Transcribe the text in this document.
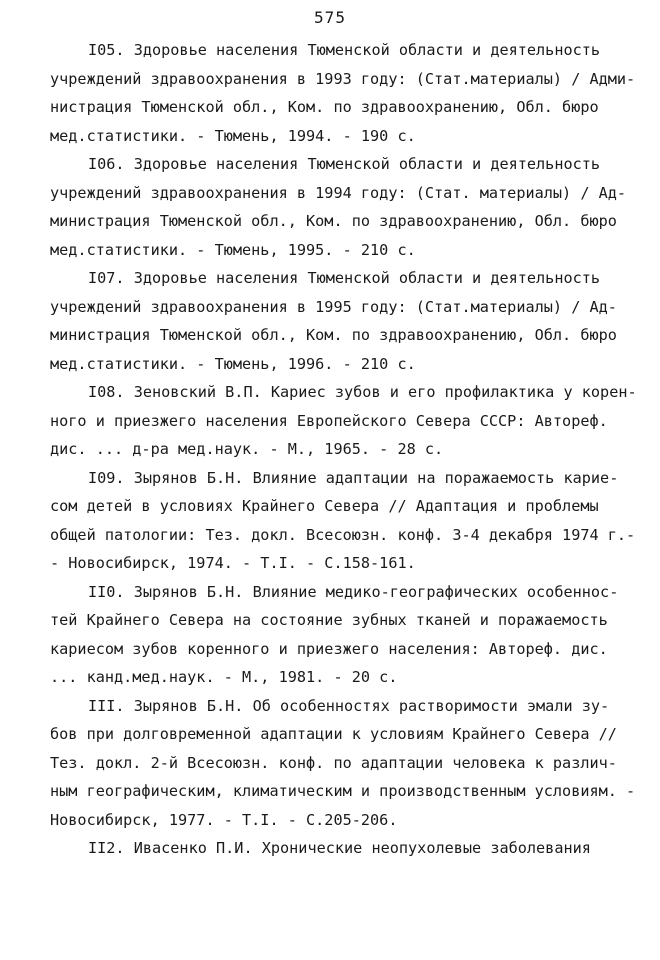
575
I05. Здоровье населения Тюменской области и деятельность
учреждений здравоохранения в 1993 году: (Стат.материалы) / Адми-
нистрация Тюменской обл., Ком. по здравоохранению, Обл. бюро
мед.статистики. - Тюмень, 1994. - 190 с.
I06. Здоровье населения Тюменской области и деятельность
учреждений здравоохранения в 1994 году: (Стат. материалы) / Ад-
министрация Тюменской обл., Ком. по здравоохранению, Обл. бюро
мед.статистики. - Тюмень, 1995. - 210 с.
I07. Здоровье населения Тюменской области и деятельность
учреждений здравоохранения в 1995 году: (Стат.материалы) / Ад-
министрация Тюменской обл., Ком. по здравоохранению, Обл. бюро
мед.статистики. - Тюмень, 1996. - 210 с.
I08. Зеновский В.П. Кариес зубов и его профилактика у корен-
ного и приезжего населения Европейского Севера СССР: Автореф.
дис. ... д-ра мед.наук. - М., 1965. - 28 с.
I09. Зырянов Б.Н. Влияние адаптации на поражаемость карие-
сом детей в условиях Крайнего Севера // Адаптация и проблемы
общей патологии: Тез. докл. Всесоюзн. конф. 3-4 декабря 1974 г.-
- Новосибирск, 1974. - Т.I. - С.158-161.
II0. Зырянов Б.Н. Влияние медико-географических особеннос-
тей Крайнего Севера на состояние зубных тканей и поражаемость
кариесом зубов коренного и приезжего населения: Автореф. дис.
... канд.мед.наук. - М., 1981. - 20 с.
III. Зырянов Б.Н. Об особенностях растворимости эмали зу-
бов при долговременной адаптации к условиям Крайнего Севера //
Тез. докл. 2-й Всесоюзн. конф. по адаптации человека к различ-
ным географическим, климатическим и производственным условиям. -
Новосибирск, 1977. - Т.I. - С.205-206.
II2. Ивасенко П.И. Хронические неопухолевые заболевания
